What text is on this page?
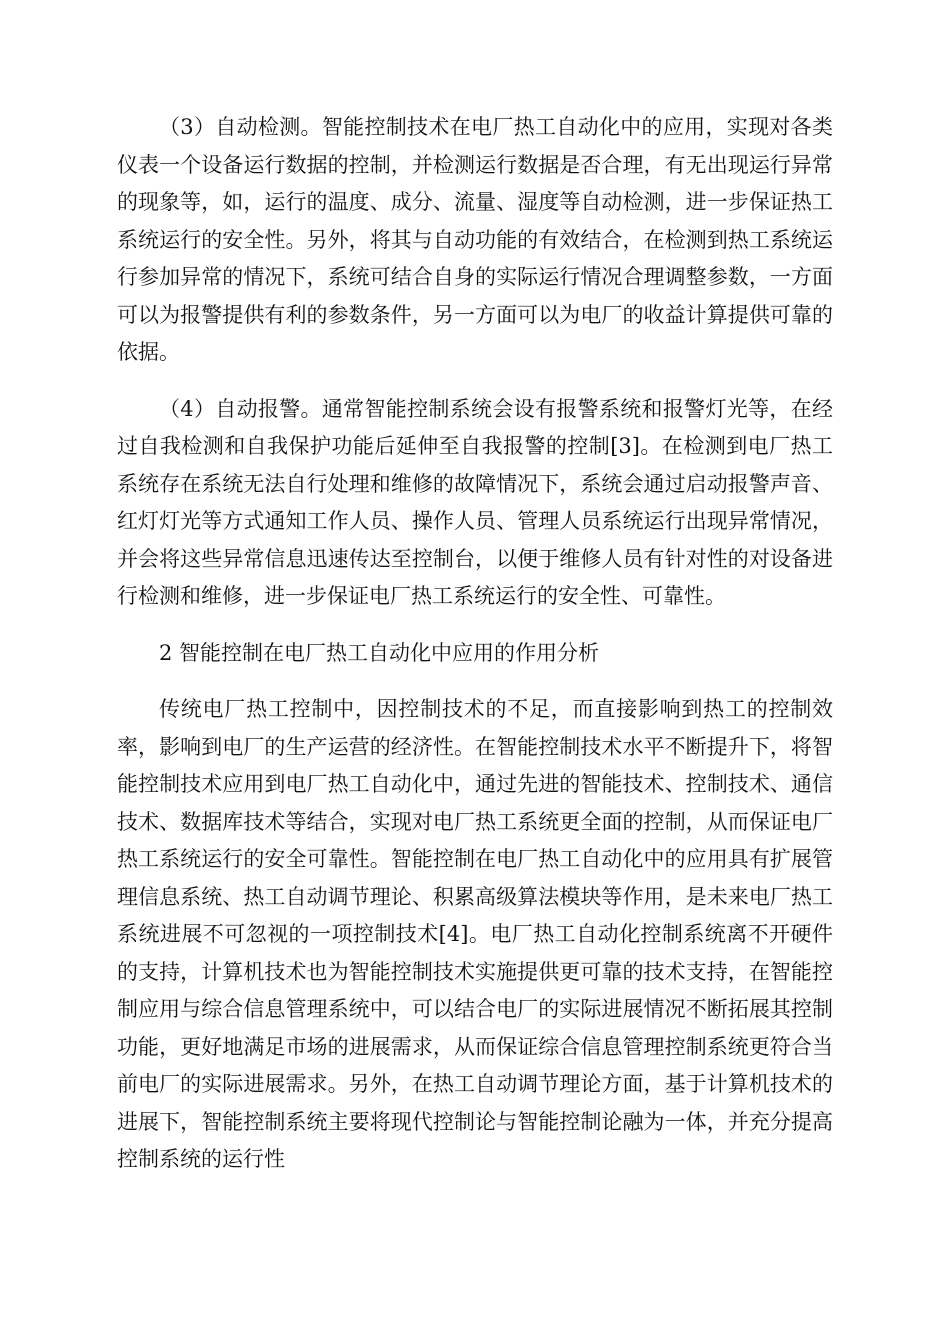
（3）自动检测。智能控制技术在电厂热工自动化中的应用，实现对各类仪表一个设备运行数据的控制，并检测运行数据是否合理，有无出现运行异常的现象等，如，运行的温度、成分、流量、湿度等自动检测，进一步保证热工系统运行的安全性。另外，将其与自动功能的有效结合，在检测到热工系统运行参加异常的情况下，系统可结合自身的实际运行情况合理调整参数，一方面可以为报警提供有利的参数条件，另一方面可以为电厂的收益计算提供可靠的依据。

（4）自动报警。通常智能控制系统会设有报警系统和报警灯光等，在经过自我检测和自我保护功能后延伸至自我报警的控制[3]。在检测到电厂热工系统存在系统无法自行处理和维修的故障情况下，系统会通过启动报警声音、红灯灯光等方式通知工作人员、操作人员、管理人员系统运行出现异常情况，并会将这些异常信息迅速传达至控制台，以便于维修人员有针对性的对设备进行检测和维修，进一步保证电厂热工系统运行的安全性、可靠性。

2 智能控制在电厂热工自动化中应用的作用分析

传统电厂热工控制中，因控制技术的不足，而直接影响到热工的控制效率，影响到电厂的生产运营的经济性。在智能控制技术水平不断提升下，将智能控制技术应用到电厂热工自动化中，通过先进的智能技术、控制技术、通信技术、数据库技术等结合，实现对电厂热工系统更全面的控制，从而保证电厂热工系统运行的安全可靠性。智能控制在电厂热工自动化中的应用具有扩展管理信息系统、热工自动调节理论、积累高级算法模块等作用，是未来电厂热工系统进展不可忽视的一项控制技术[4]。电厂热工自动化控制系统离不开硬件的支持，计算机技术也为智能控制技术实施提供更可靠的技术支持，在智能控制应用与综合信息管理系统中，可以结合电厂的实际进展情况不断拓展其控制功能，更好地满足市场的进展需求，从而保证综合信息管理控制系统更符合当前电厂的实际进展需求。另外，在热工自动调节理论方面，基于计算机技术的进展下，智能控制系统主要将现代控制论与智能控制论融为一体，并充分提高控制系统的运行性
